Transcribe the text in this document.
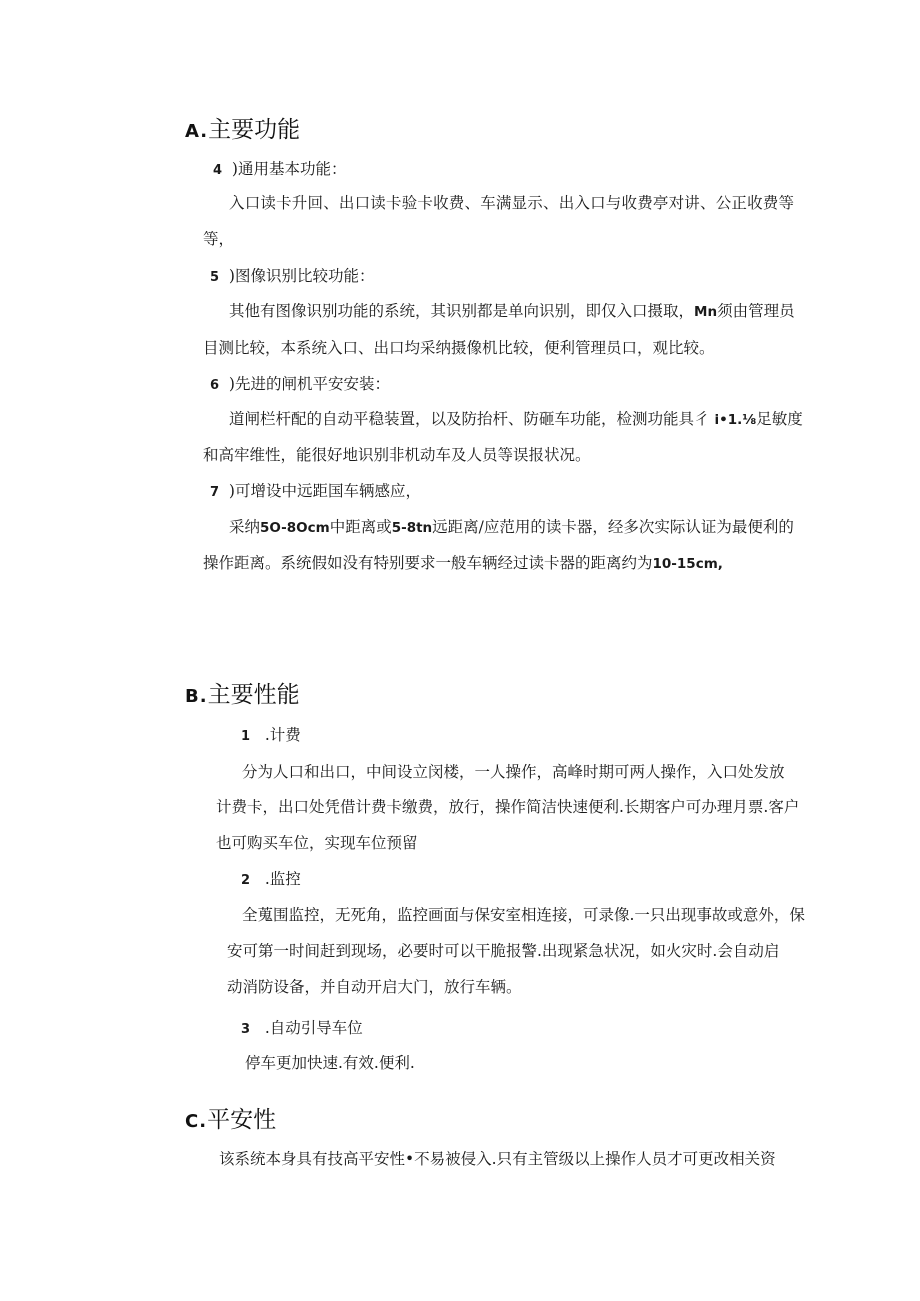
A.主要功能
4 )通用基本功能：
入口读卡升回、出口读卡验卡收费、车满显示、出入口与收费亭对讲、公正收费等
等，
5 )图像识别比较功能：
其他有图像识别功能的系统，其识别都是单向识别，即仅入口摄取，Mn须由管理员
目测比较，本系统入口、出口均采纳摄像机比较，便利管理员口，观比较。
6 )先进的闸机平安安装：
道闸栏杆配的自动平稳装置，以及防抬杆、防砸车功能，检测功能具彳 i•1.⅛足敏度
和高牢维性，能很好地识别非机动车及人员等误报状况。
7 )可增设中远距国车辆感应，
采纳5O-8Ocm中距离或5-8tn远距离/应范用的读卡器，经多次实际认证为最便利的
操作距离。系统假如没有特别要求一般车辆经过读卡器的距离约为10-15cm,
B.主要性能
1 .计费
分为人口和出口，中间设立闵楼，一人操作，高峰时期可两人操作，入口处发放
计费卡，出口处凭借计费卡缴费，放行，操作简洁快速便利.长期客户可办理月票.客户
也可购买车位，实现车位预留
2 .监控
全蒐围监控，无死角，监控画面与保安室相连接，可录像.一只出现事故或意外，保
安可第一时间赶到现场，必要时可以干脆报警.出现紧急状况，如火灾时.会自动启
动消防设备，并自动开启大门，放行车辆。
3 .自动引导车位
停车更加快速.有效.便利.
C.平安性
该系统本身具有技高平安性•不易被侵入.只有主管级以上操作人员才可更改相关资
